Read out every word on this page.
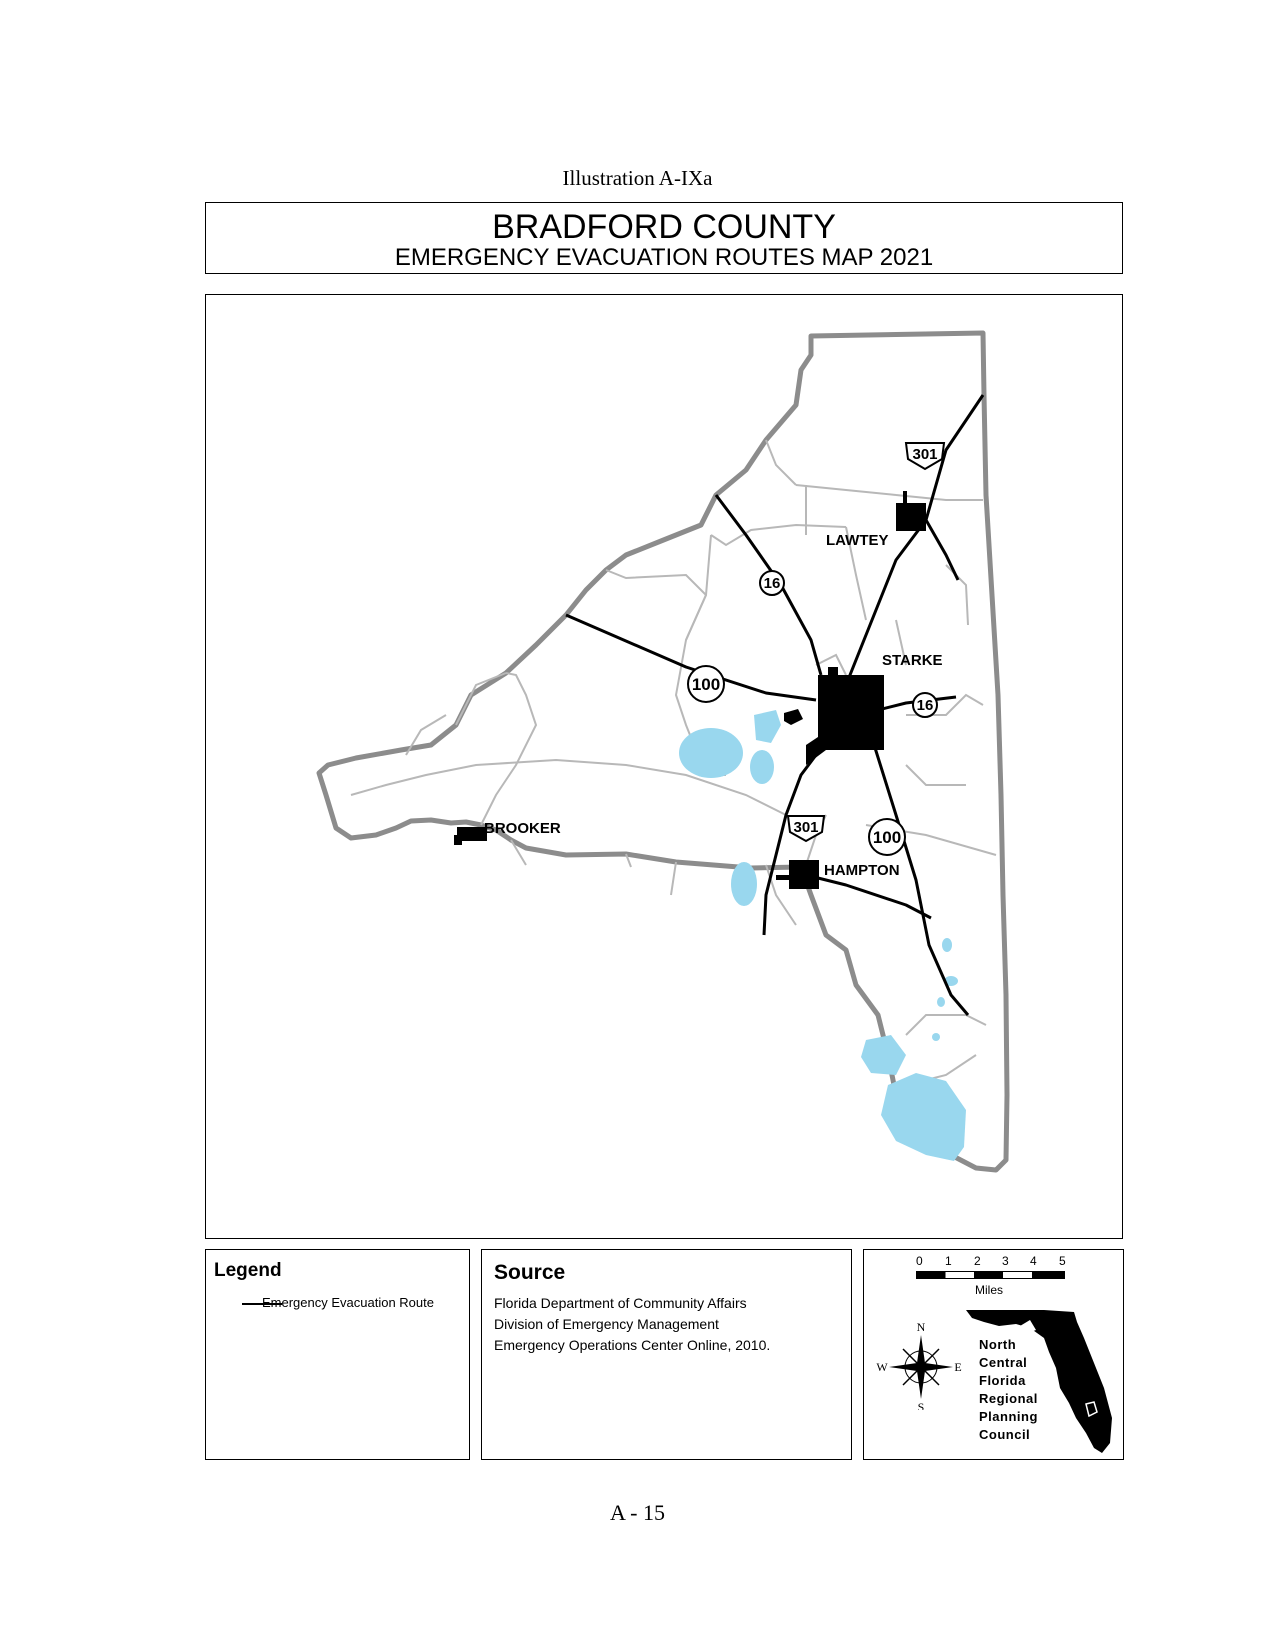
Illustration A-IXa
BRADFORD COUNTY
EMERGENCY EVACUATION ROUTES MAP 2021
LAWTEY
STARKE
BROOKER
HAMPTON
301
16
100
16
301
100
Legend
Emergency Evacuation Route
Source
Florida Department of Community Affairs
Division of Emergency Management
Emergency Operations Center Online, 2010.
0 1 2 3 4 5
Miles
N
S
E
W
North
Central
Florida
Regional
Planning
Council
A - 15
